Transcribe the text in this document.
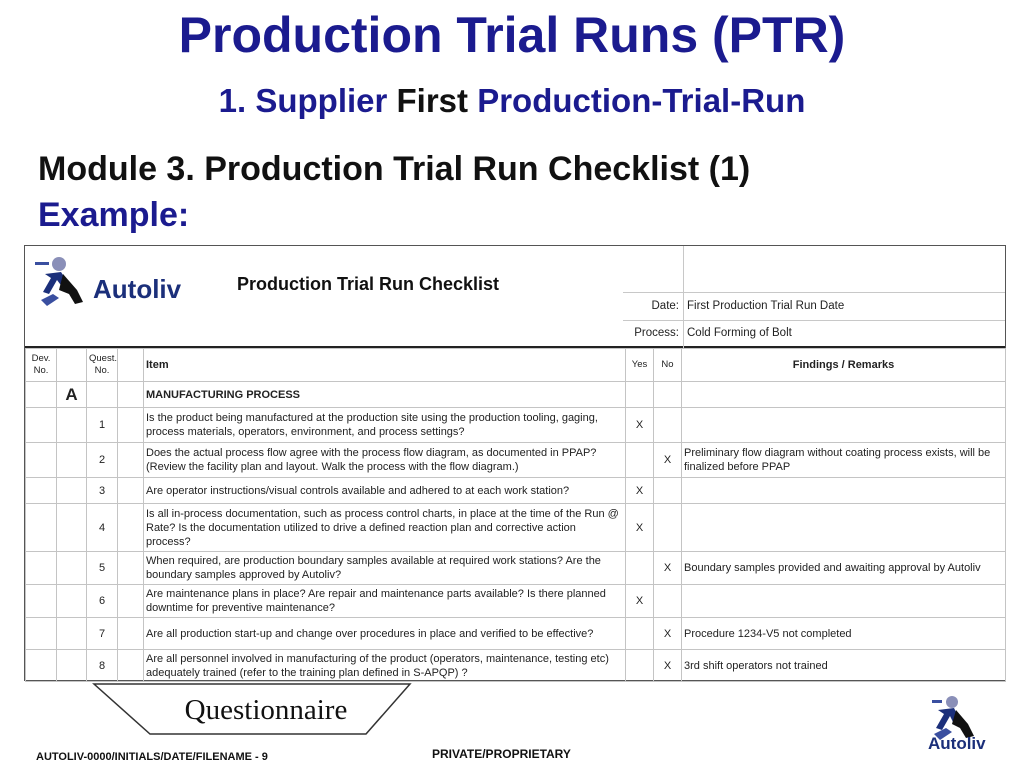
Production Trial Runs (PTR)
1. Supplier First Production-Trial-Run
Module 3. Production Trial Run Checklist (1)
Example:
Autoliv	Production Trial Run Checklist
Date: First Production Trial Run Date
Process: Cold Forming of Bolt
Dev. No.		Quest. No.		Item	Yes	No	Findings / Remarks
	A			MANUFACTURING PROCESS			
		1		Is the product being manufactured at the production site using the production tooling, gaging, process materials, operators, environment, and process settings?	X		
		2		Does the actual process flow agree with the process flow diagram, as documented in PPAP? (Review the facility plan and layout. Walk the process with the flow diagram.)		X	Preliminary flow diagram without coating process exists, will be finalized before PPAP
		3		Are operator instructions/visual controls available and adhered to at each work station?	X		
		4		Is all in-process documentation, such as process control charts, in place at the time of the Run @ Rate? Is the documentation utilized to drive a defined reaction plan and corrective action process?	X		
		5		When required, are production boundary samples available at required work stations? Are the boundary samples approved by Autoliv?		X	Boundary samples provided and awaiting approval by Autoliv
		6		Are maintenance plans in place? Are repair and maintenance parts available? Is there planned downtime for preventive maintenance?	X		
		7		Are all production start-up and change over procedures in place and verified to be effective?		X	Procedure 1234-V5 not completed
		8		Are all personnel involved in manufacturing of the product (operators, maintenance, testing etc) adequately trained (refer to the training plan defined in S-APQP) ?		X	3rd shift operators not trained
Questionnaire
AUTOLIV-0000/INITIALS/DATE/FILENAME - 9	PRIVATE/PROPRIETARY
Autoliv
